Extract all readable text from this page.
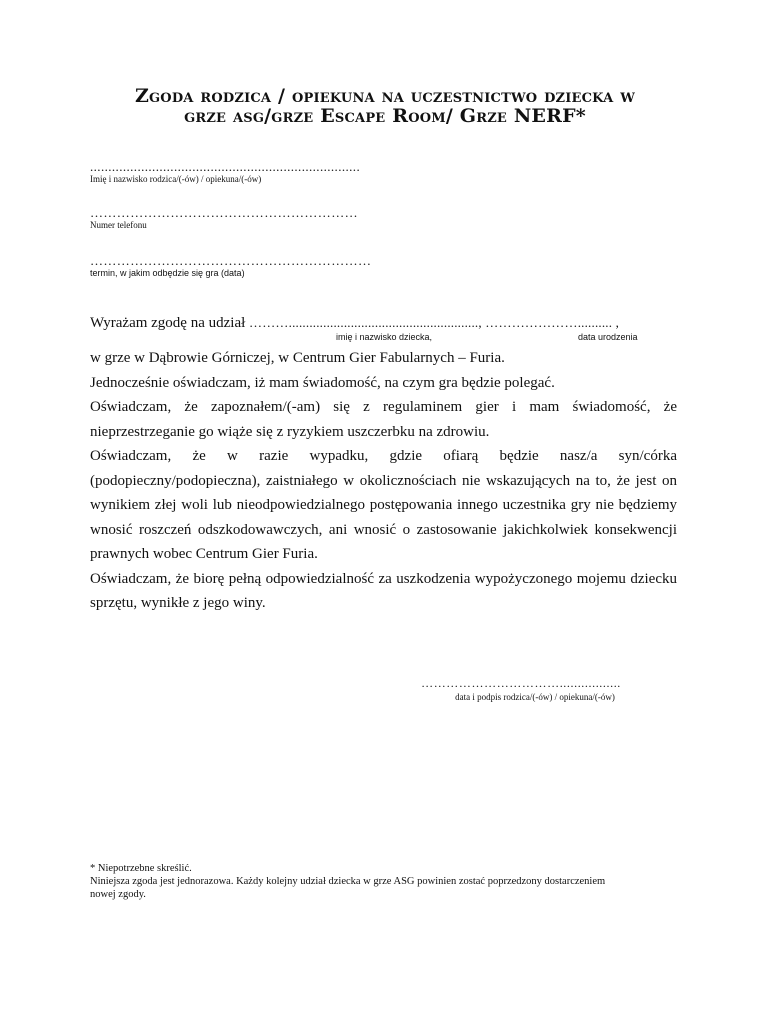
Zgoda rodzica / opiekuna na uczestnictwo dziecka w
grze asg/grze Escape Room/ Grze NERF*
..........................................................................
Imię i nazwisko rodzica/(-ów) / opiekuna/(-ów)
……………………………………………………
Numer telefonu
………………………………………………………
termin, w jakim odbędzie się gra (data)
Wyrażam zgodę na udział ………......................................................., ………………….......... ,
imię i nazwisko dziecka,	data urodzenia

w grze w Dąbrowie Górniczej, w Centrum Gier Fabularnych – Furia.

Jednocześnie oświadczam, iż mam świadomość, na czym gra będzie polegać.

Oświadczam, że zapoznałem/(-am) się z regulaminem gier i mam świadomość, że nieprzestrzeganie go wiąże się z ryzykiem uszczerbku na zdrowiu.

Oświadczam, że w razie wypadku, gdzie ofiarą będzie nasz/a syn/córka (podopieczny/podopieczna), zaistniałego w okolicznościach nie wskazujących na to, że jest on wynikiem złej woli lub nieodpowiedzialnego postępowania innego uczestnika gry nie będziemy wnosić roszczeń odszkodowawczych, ani wnosić o zastosowanie jakichkolwiek konsekwencji prawnych wobec Centrum Gier Furia.

Oświadczam, że biorę pełną odpowiedzialność za uszkodzenia wypożyczonego mojemu dziecku sprzętu, wynikłe z jego winy.

…………………………….................
data i podpis rodzica/(-ów) / opiekuna/(-ów)
* Niepotrzebne skreślić.
Niniejsza zgoda jest jednorazowa. Każdy kolejny udział dziecka w grze ASG powinien zostać poprzedzony dostarczeniem
nowej zgody.
